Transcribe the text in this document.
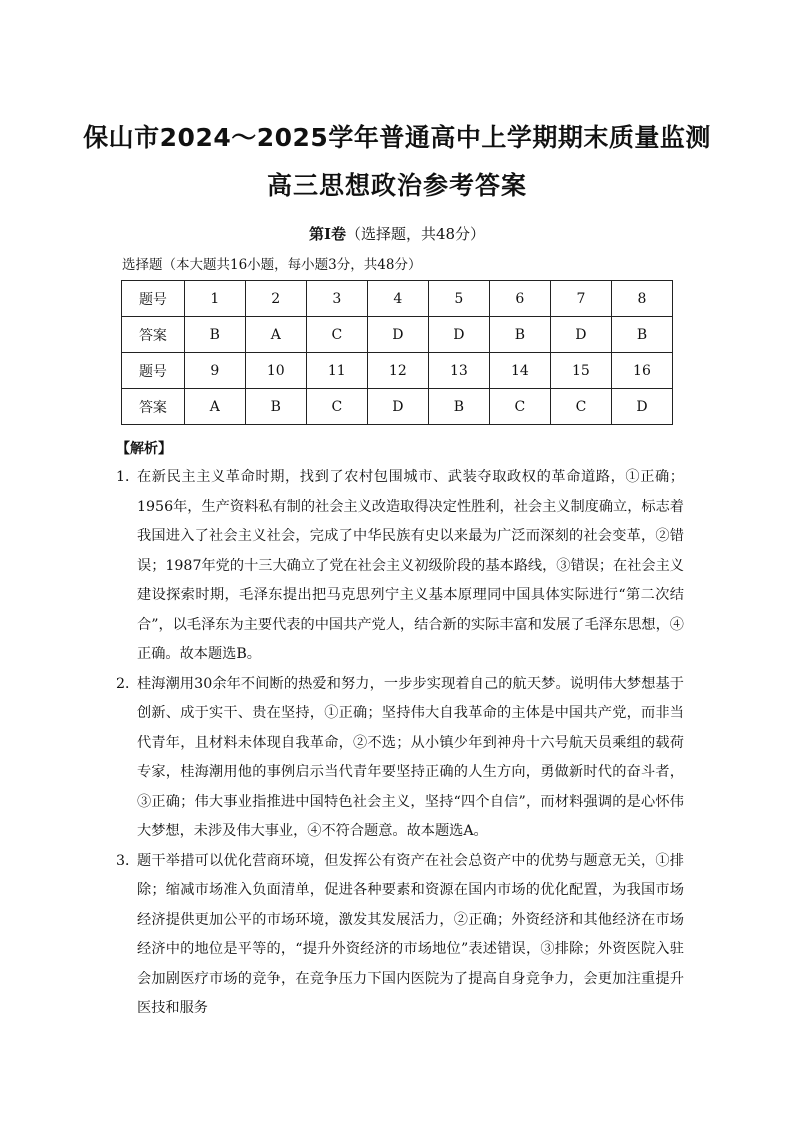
保山市2024～2025学年普通高中上学期期末质量监测
高三思想政治参考答案
第Ⅰ卷（选择题，共48分）
选择题（本大题共16小题，每小题3分，共48分）
题号	1	2	3	4	5	6	7	8
答案	B	A	C	D	D	B	D	B
题号	9	10	11	12	13	14	15	16
答案	A	B	C	D	B	C	C	D
【解析】
1．
在新民主主义革命时期，找到了农村包围城市、武装夺取政权的革命道路，①正确；1956年，生产资料私有制的社会主义改造取得决定性胜利，社会主义制度确立，标志着我国进入了社会主义社会，完成了中华民族有史以来最为广泛而深刻的社会变革，②错误；1987年党的十三大确立了党在社会主义初级阶段的基本路线，③错误；在社会主义建设探索时期，毛泽东提出把马克思列宁主义基本原理同中国具体实际进行“第二次结合”，以毛泽东为主要代表的中国共产党人，结合新的实际丰富和发展了毛泽东思想，④正确。故本题选B。
2．
桂海潮用30余年不间断的热爱和努力，一步步实现着自己的航天梦。说明伟大梦想基于创新、成于实干、贵在坚持，①正确；坚持伟大自我革命的主体是中国共产党，而非当代青年，且材料未体现自我革命，②不选；从小镇少年到神舟十六号航天员乘组的载荷专家，桂海潮用他的事例启示当代青年要坚持正确的人生方向，勇做新时代的奋斗者，③正确；伟大事业指推进中国特色社会主义，坚持“四个自信”，而材料强调的是心怀伟大梦想，未涉及伟大事业，④不符合题意。故本题选A。
3．
题干举措可以优化营商环境，但发挥公有资产在社会总资产中的优势与题意无关，①排除；缩减市场准入负面清单，促进各种要素和资源在国内市场的优化配置，为我国市场经济提供更加公平的市场环境，激发其发展活力，②正确；外资经济和其他经济在市场经济中的地位是平等的，“提升外资经济的市场地位”表述错误，③排除；外资医院入驻会加剧医疗市场的竞争，在竞争压力下国内医院为了提高自身竞争力，会更加注重提升医技和服务
